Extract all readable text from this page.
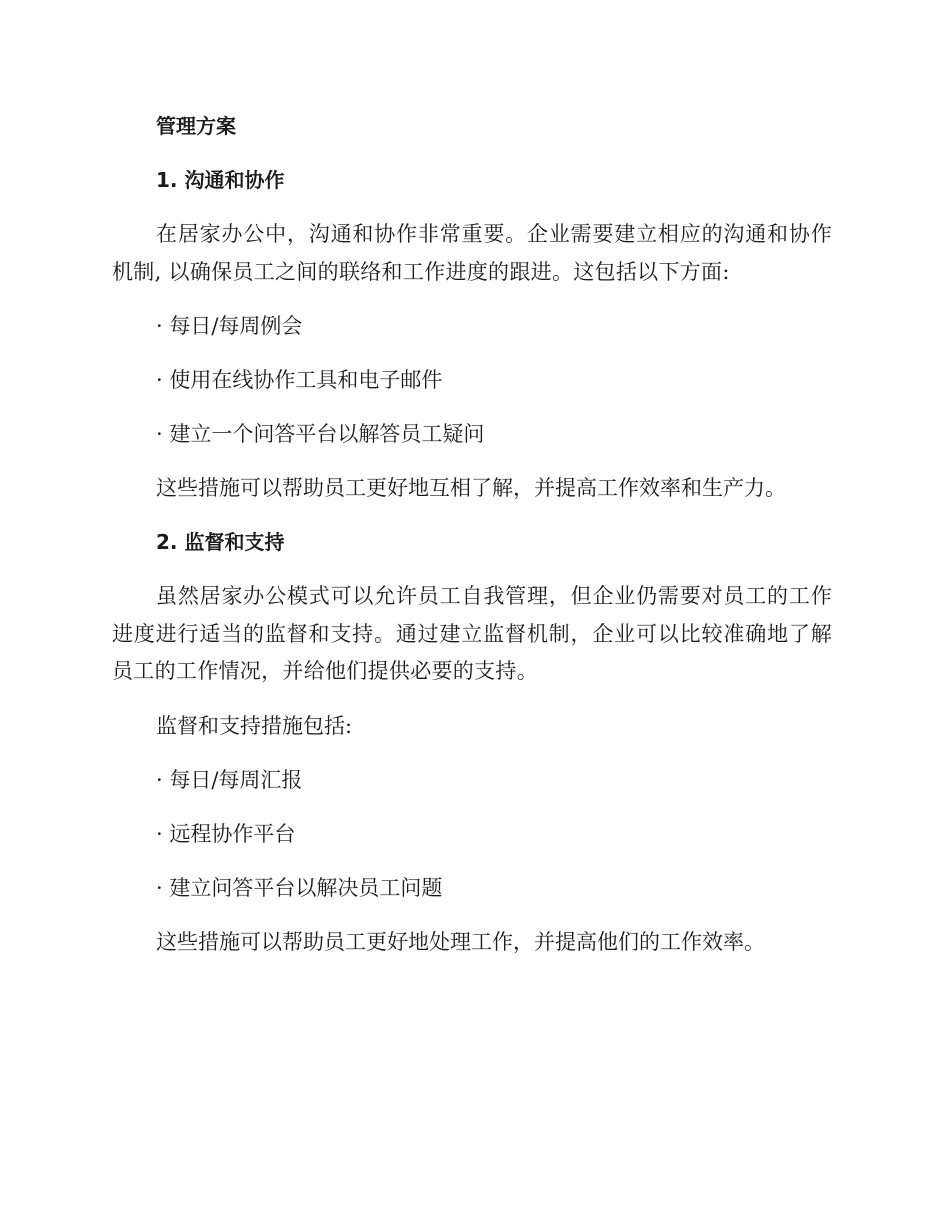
管理方案

1. 沟通和协作

在居家办公中，沟通和协作非常重要。企业需要建立相应的沟通和协作机制, 以确保员工之间的联络和工作进度的跟进。这包括以下方面:

· 每日/每周例会

· 使用在线协作工具和电子邮件

· 建立一个问答平台以解答员工疑问

这些措施可以帮助员工更好地互相了解，并提高工作效率和生产力。

2. 监督和支持

虽然居家办公模式可以允许员工自我管理，但企业仍需要对员工的工作进度进行适当的监督和支持。通过建立监督机制，企业可以比较准确地了解员工的工作情况，并给他们提供必要的支持。

监督和支持措施包括:

· 每日/每周汇报

· 远程协作平台

· 建立问答平台以解决员工问题

这些措施可以帮助员工更好地处理工作，并提高他们的工作效率。
